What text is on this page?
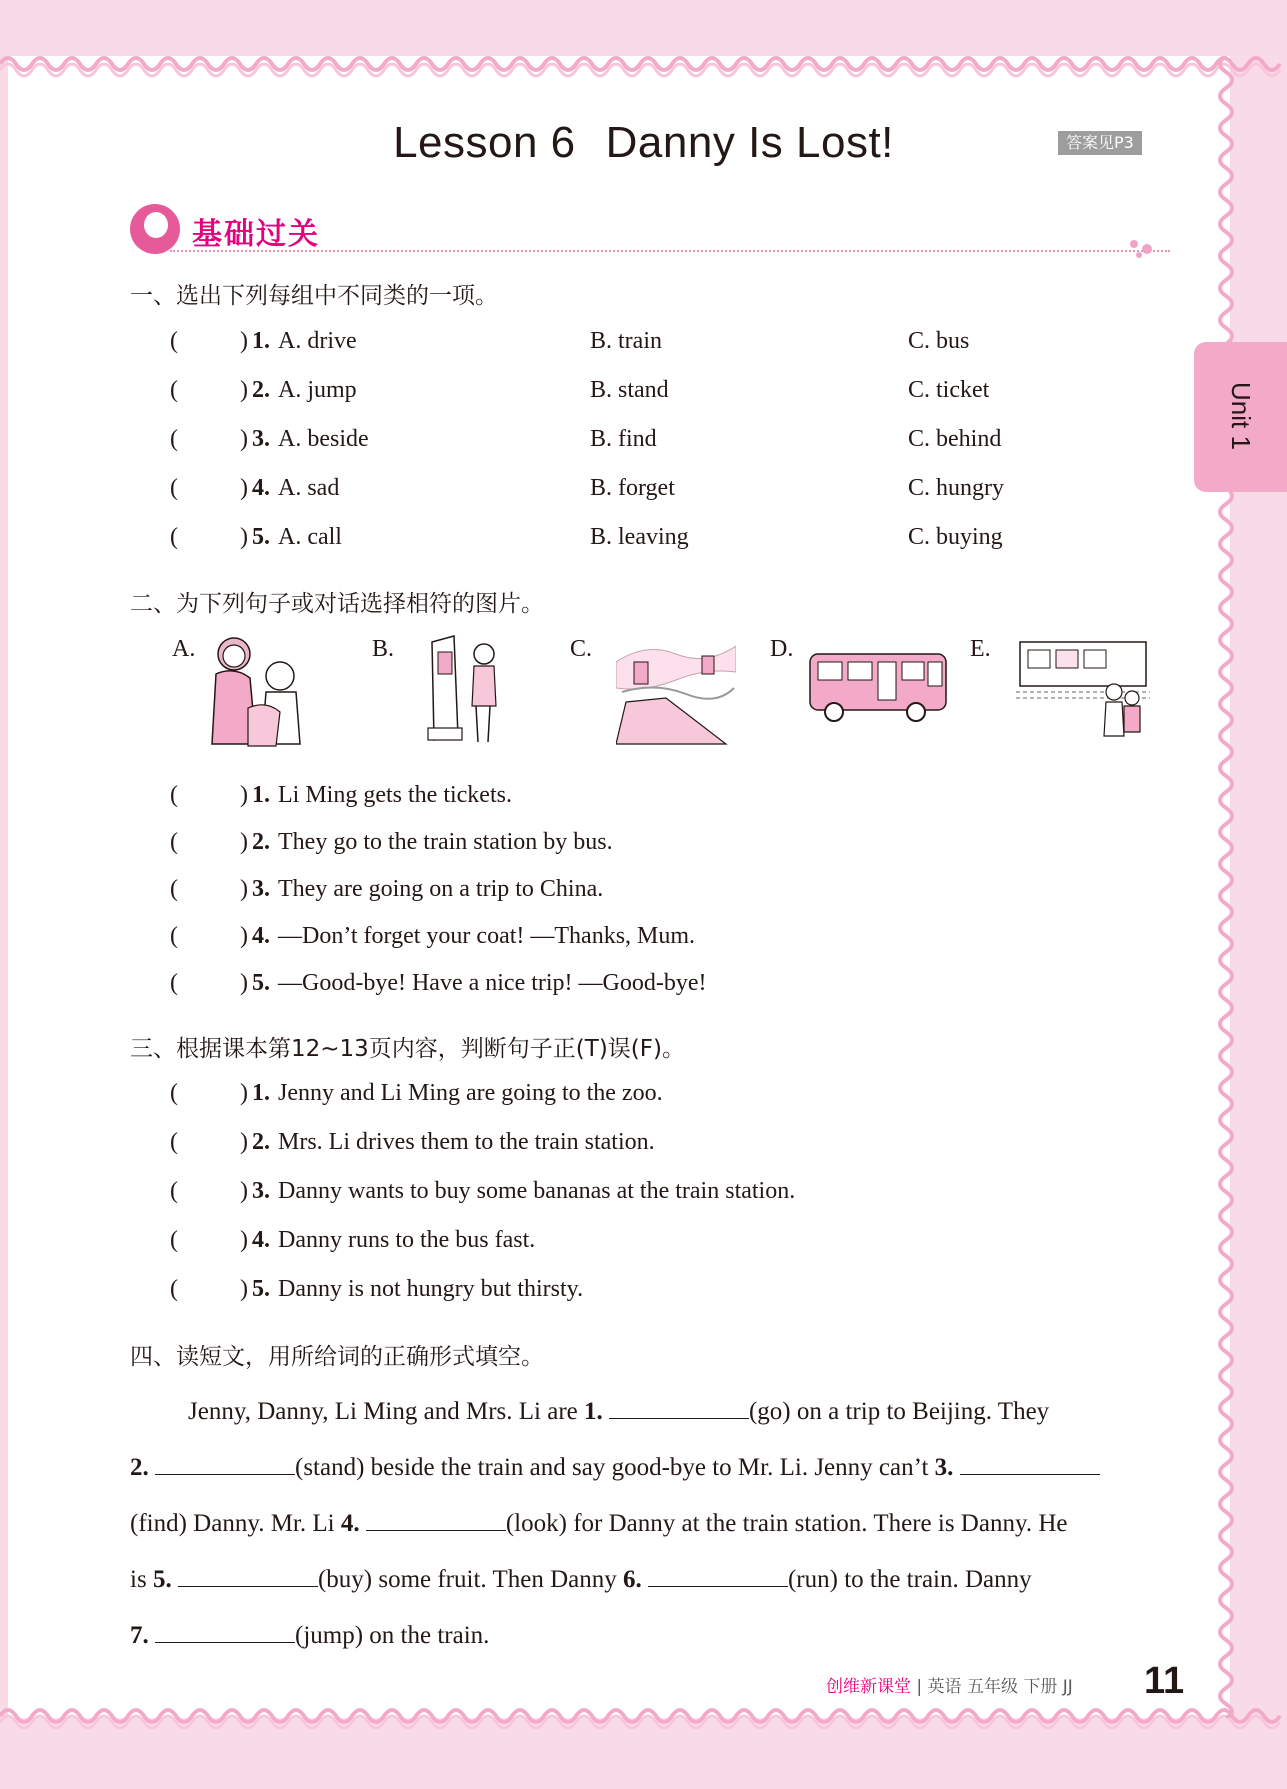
Lesson 6 Danny Is Lost!	答案见P3
Unit 1
基础过关
一、选出下列每组中不同类的一项。
(	) 1. A. drive	B. train	C. bus
(	) 2. A. jump	B. stand	C. ticket
(	) 3. A. beside	B. find	C. behind
(	) 4. A. sad	B. forget	C. hungry
(	) 5. A. call	B. leaving	C. buying
二、为下列句子或对话选择相符的图片。
A.	B.	C.	D.	E.
(	) 1. Li Ming gets the tickets.
(	) 2. They go to the train station by bus.
(	) 3. They are going on a trip to China.
(	) 4. —Don’t forget your coat! —Thanks, Mum.
(	) 5. —Good-bye! Have a nice trip! —Good-bye!
三、根据课本第12~13页内容，判断句子正(T)误(F)。
(	) 1. Jenny and Li Ming are going to the zoo.
(	) 2. Mrs. Li drives them to the train station.
(	) 3. Danny wants to buy some bananas at the train station.
(	) 4. Danny runs to the bus fast.
(	) 5. Danny is not hungry but thirsty.
四、读短文，用所给词的正确形式填空。
Jenny, Danny, Li Ming and Mrs. Li are 1.	(go) on a trip to Beijing. They
2.	(stand) beside the train and say good-bye to Mr. Li. Jenny can’t 3.
(find) Danny. Mr. Li 4.	(look) for Danny at the train station. There is Danny. He
is 5.	(buy) some fruit. Then Danny 6.	(run) to the train. Danny
7.	(jump) on the train.
创维新课堂 | 英语 五年级 下册 JJ 11
